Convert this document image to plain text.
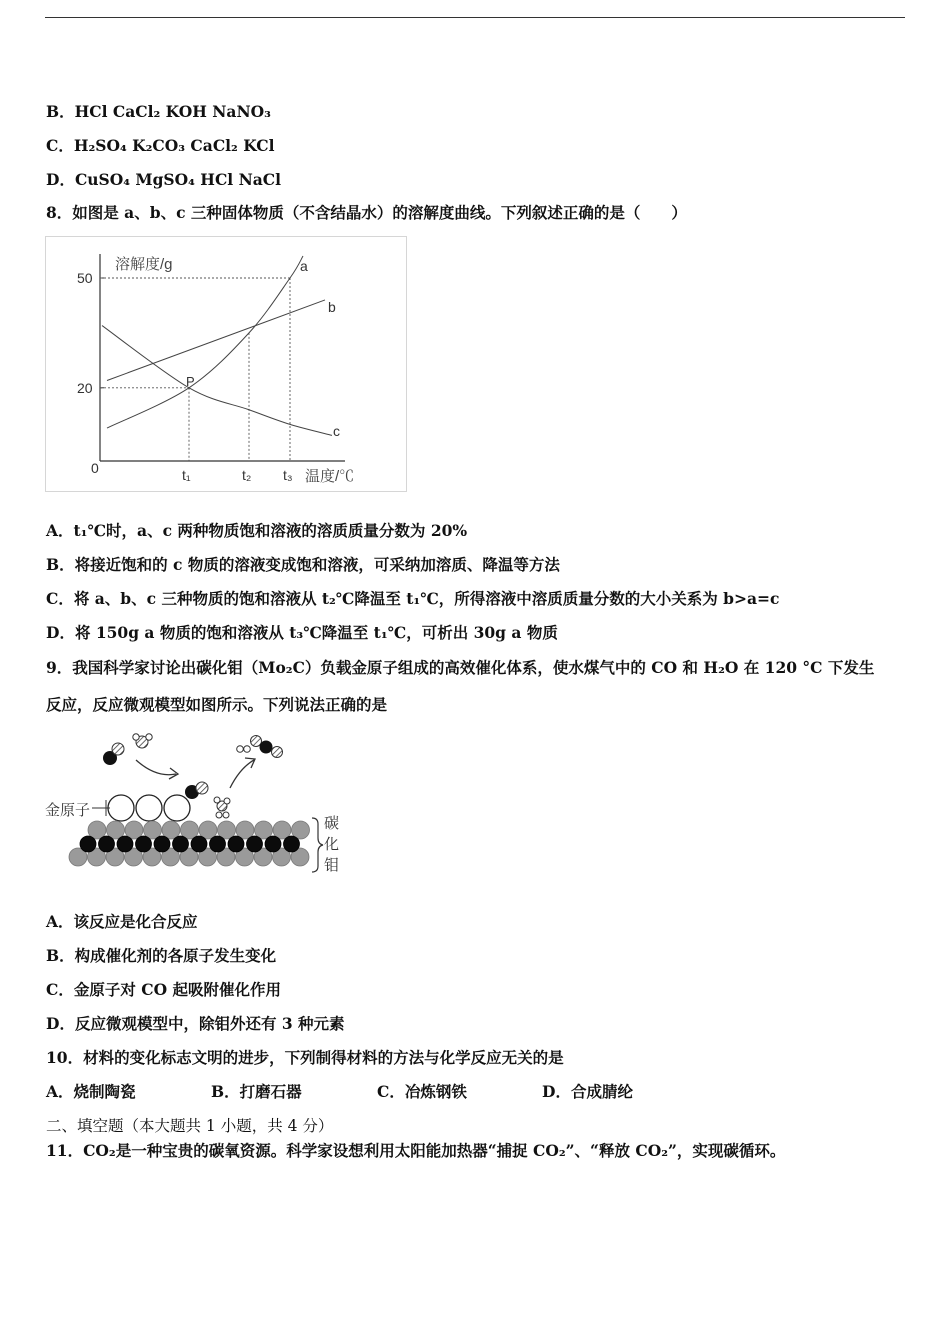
B．HCl CaCl₂ KOH NaNO₃
C．H₂SO₄ K₂CO₃ CaCl₂ KCl
D．CuSO₄ MgSO₄ HCl NaCl
8．如图是 a、b、c 三种固体物质（不含结晶水）的溶解度曲线。下列叙述正确的是（　　）
溶解度/g
温度/℃
0
20
50
t₁	t₂ t₃
a
b
c
P
A．t₁℃时，a、c 两种物质饱和溶液的溶质质量分数为 20%
B．将接近饱和的 c 物质的溶液变成饱和溶液，可采纳加溶质、降温等方法
C．将 a、b、c 三种物质的饱和溶液从 t₂℃降温至 t₁℃，所得溶液中溶质质量分数的大小关系为 b>a=c
D．将 150g a 物质的饱和溶液从 t₃℃降温至 t₁℃，可析出 30g a 物质
9．我国科学家讨论出碳化钼（Mo₂C）负载金原子组成的高效催化体系，使水煤气中的 CO 和 H₂O 在 120 °C 下发生
反应，反应微观模型如图所示。下列说法正确的是
金原子
碳
化
钼
A．该反应是化合反应
B．构成催化剂的各原子发生变化
C．金原子对 CO 起吸附催化作用
D．反应微观模型中，除钼外还有 3 种元素
10．材料的变化标志文明的进步，下列制得材料的方法与化学反应无关的是
A．烧制陶瓷	B．打磨石器	C．冶炼钢铁	D．合成腈纶
二、填空题（本大题共 1 小题，共 4 分）
11．CO₂是一种宝贵的碳氧资源。科学家设想利用太阳能加热器“捕捉 CO₂”、“释放 CO₂”，实现碳循环。
